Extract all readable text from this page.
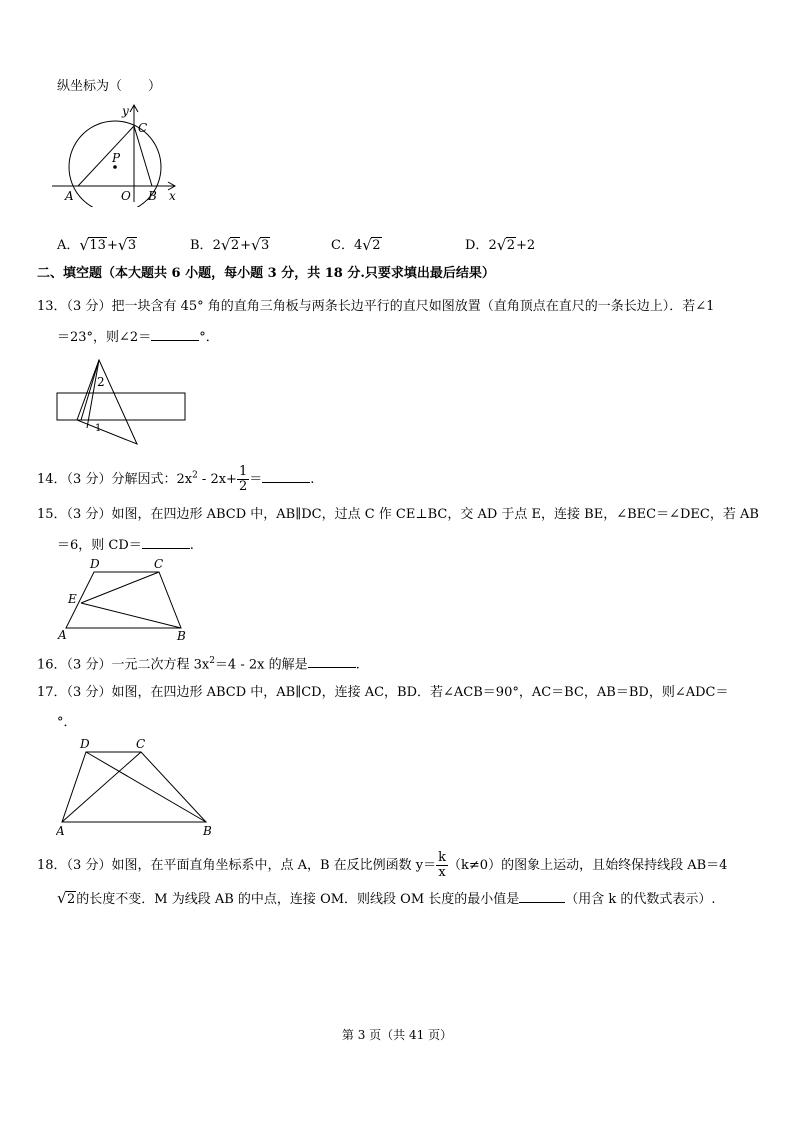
纵坐标为（　　）
y
C
P
A	O B x
A． √ 13+ √ 3	B．2 √ 2+ √ 3	C．4 √ 2	D．2 √ 2+2
二、填空题（本大题共 6 小题，每小题 3 分，共 18 分.只要求填出最后结果）
13．（3 分）把一块含有 45° 角的直角三角板与两条长边平行的直尺如图放置（直角顶点在直尺的一条长边上）．若∠1
＝23°，则∠2＝	°．
2
1
14．（3 分）分解因式：$2x^2 - 2x+ \frac{1}{2}$ ＝	.
15．（3 分）如图，在四边形 ABCD 中，AB∥DC，过点 C 作 CE⊥BC，交 AD 于点 E，连接 BE，∠BEC＝∠DEC，若 AB
＝6，则 CD＝	.
D	C
E
A	B
16．（3 分）一元二次方程 $3x^2=4 - 2x$ 的解是	.
17．（3 分）如图，在四边形 ABCD 中，AB∥CD，连接 AC，BD．若∠ACB＝90°，AC＝BC，AB＝BD，则∠ADC＝
°．
D	C
A	B
18．（3 分）如图，在平面直角坐标系中，点 A，B 在反比例函数 $y= \frac{k}{x} (k\ne 0)$的图象上运动，且始终保持线段 AB＝4
√ 2的长度不变．M 为线段 AB 的中点，连接 OM．则线段 OM 长度的最小值是	（用含 k 的代数式表示）.
第 3 页（共 41 页）
